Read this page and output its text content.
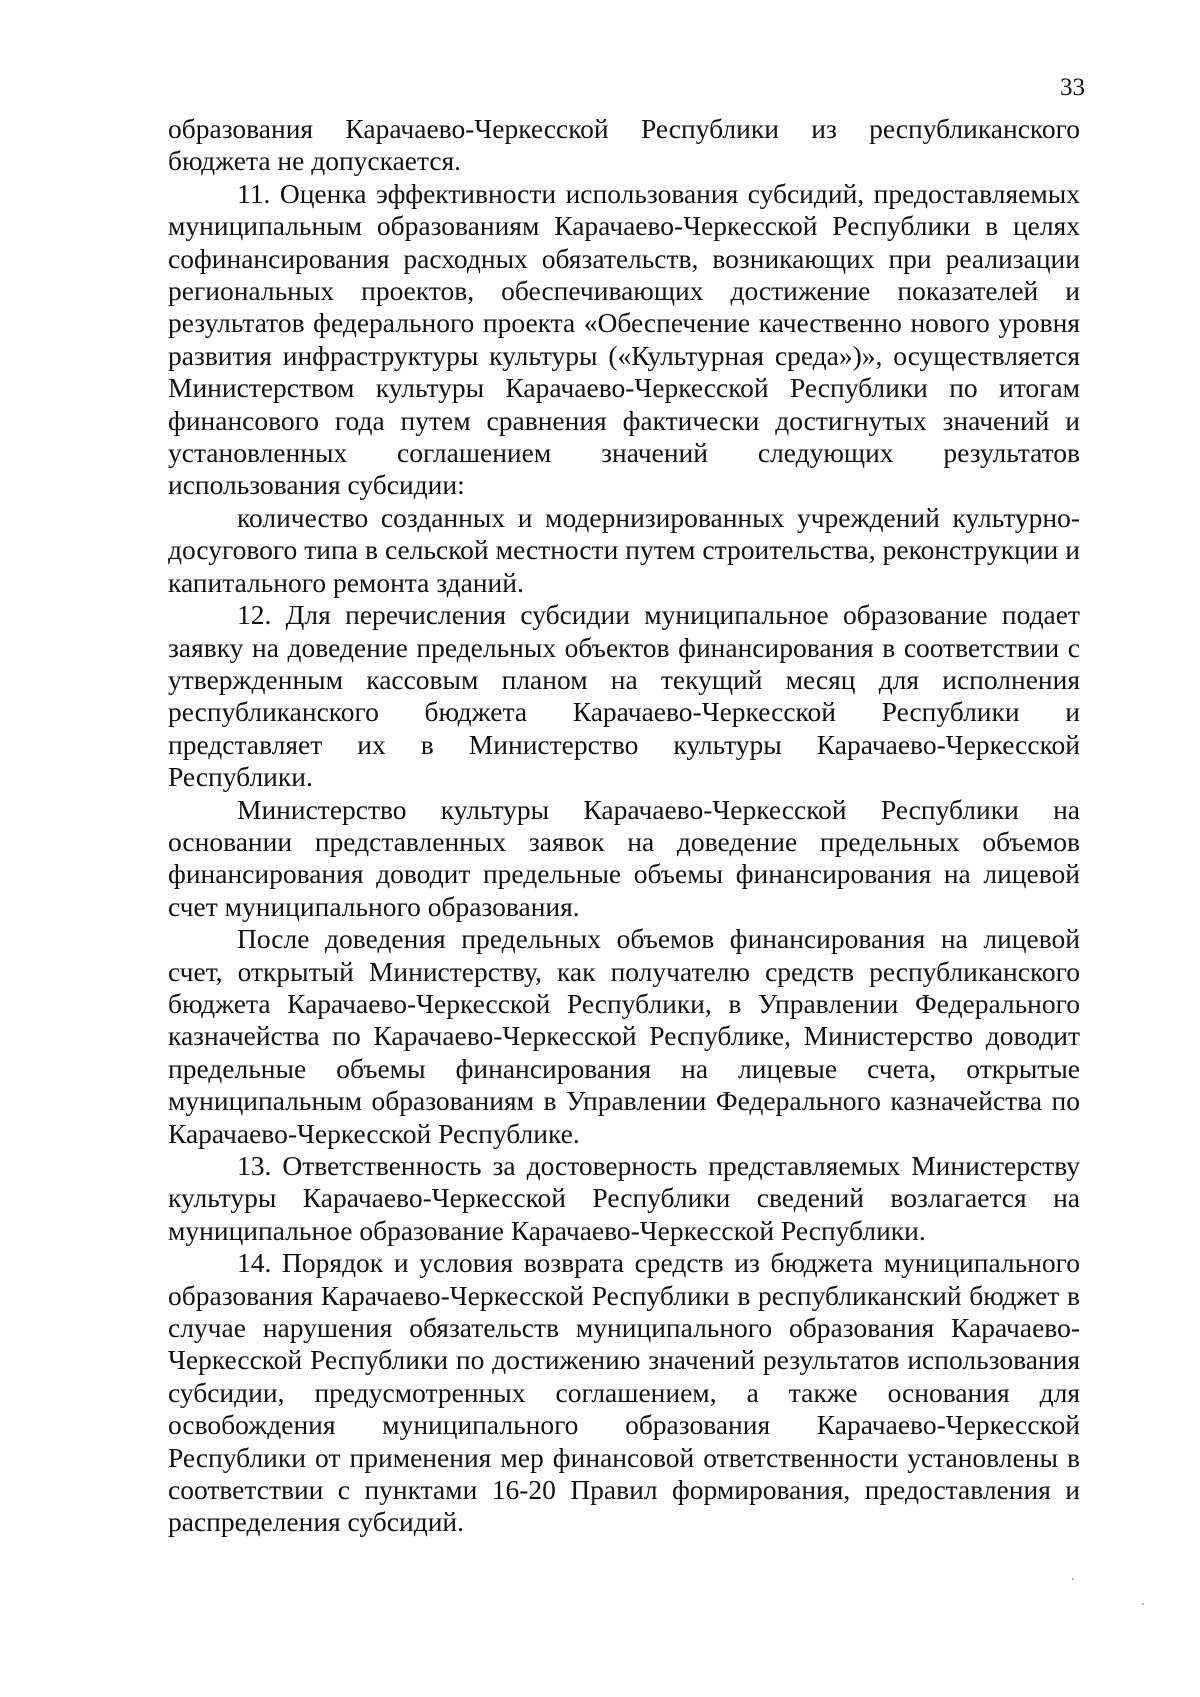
33

образования Карачаево-Черкесской Республики из республиканского бюджета не допускается.

11. Оценка эффективности использования субсидий, предоставляемых муниципальным образованиям Карачаево-Черкесской Республики в целях софинансирования расходных обязательств, возникающих при реализации региональных проектов, обеспечивающих достижение показателей и результатов федерального проекта «Обеспечение качественно нового уровня развития инфраструктуры культуры («Культурная среда»)», осуществляется Министерством культуры Карачаево-Черкесской Республики по итогам финансового года путем сравнения фактически достигнутых значений и установленных соглашением значений следующих результатов использования субсидии:

количество созданных и модернизированных учреждений культурно-досугового типа в сельской местности путем строительства, реконструкции и капитального ремонта зданий.

12. Для перечисления субсидии муниципальное образование подает заявку на доведение предельных объектов финансирования в соответствии с утвержденным кассовым планом на текущий месяц для исполнения республиканского бюджета Карачаево-Черкесской Республики и представляет их в Министерство культуры Карачаево-Черкесской Республики.

Министерство культуры Карачаево-Черкесской Республики на основании представленных заявок на доведение предельных объемов финансирования доводит предельные объемы финансирования на лицевой счет муниципального образования.

После доведения предельных объемов финансирования на лицевой счет, открытый Министерству, как получателю средств республиканского бюджета Карачаево-Черкесской Республики, в Управлении Федерального казначейства по Карачаево-Черкесской Республике, Министерство доводит предельные объемы финансирования на лицевые счета, открытые муниципальным образованиям в Управлении Федерального казначейства по Карачаево-Черкесской Республике.

13. Ответственность за достоверность представляемых Министерству культуры Карачаево-Черкесской Республики сведений возлагается на муниципальное образование Карачаево-Черкесской Республики.

14. Порядок и условия возврата средств из бюджета муниципального образования Карачаево-Черкесской Республики в республиканский бюджет в случае нарушения обязательств муниципального образования Карачаево-Черкесской Республики по достижению значений результатов использования субсидии, предусмотренных соглашением, а также основания для освобождения муниципального образования Карачаево-Черкесской Республики от применения мер финансовой ответственности установлены в соответствии с пунктами 16-20 Правил формирования, предоставления и распределения субсидий.
